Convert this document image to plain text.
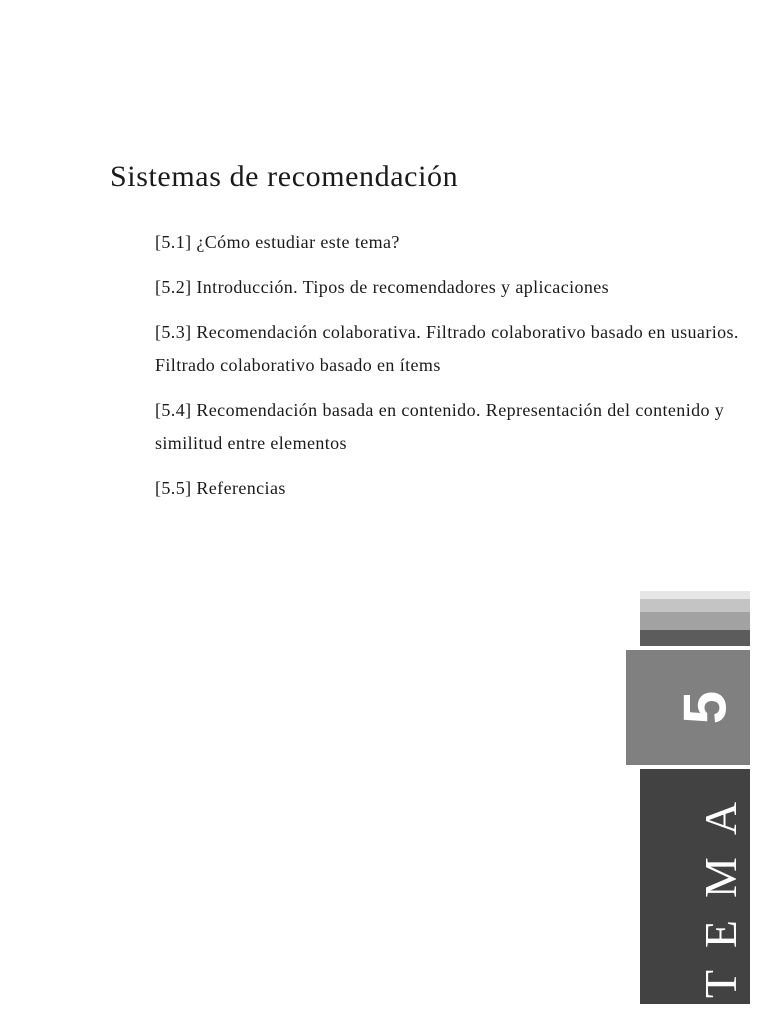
Sistemas de recomendación
[5.1] ¿Cómo estudiar este tema?
[5.2] Introducción. Tipos de recomendadores y aplicaciones
[5.3] Recomendación colaborativa. Filtrado colaborativo basado en usuarios. Filtrado colaborativo basado en ítems
[5.4] Recomendación basada en contenido. Representación del contenido y similitud entre elementos
[5.5] Referencias
5
TEMA
